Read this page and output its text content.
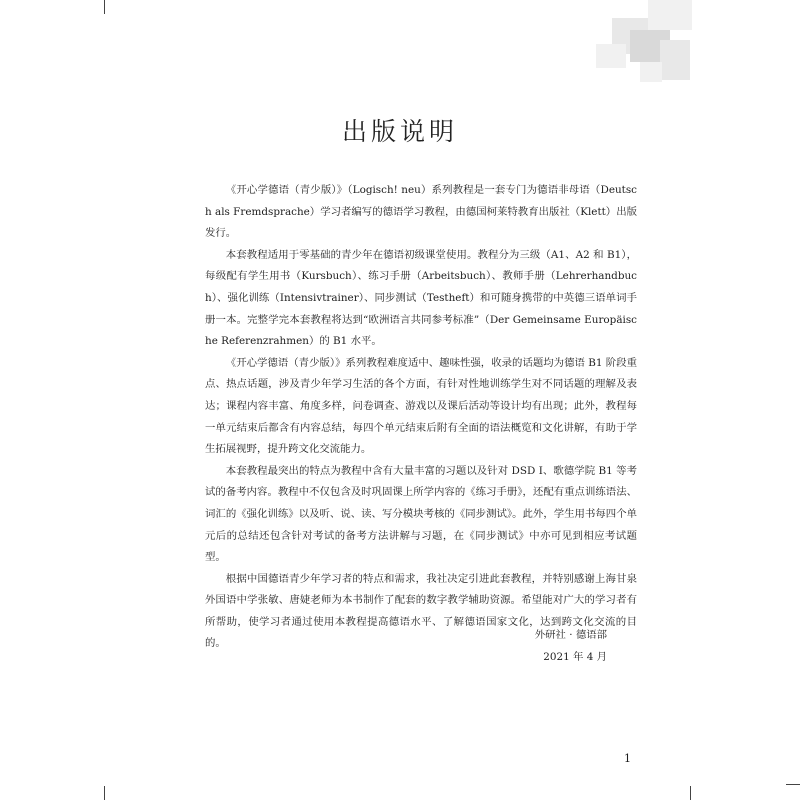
出版说明

《开心学德语（青少版）》（Logisch! neu）系列教程是一套专门为德语非母语（Deutsch als Fremdsprache）学习者编写的德语学习教程，由德国柯莱特教育出版社（Klett）出版发行。

本套教程适用于零基础的青少年在德语初级课堂使用。教程分为三级（A1、A2 和 B1），每级配有学生用书（Kursbuch）、练习手册（Arbeitsbuch）、教师手册（Lehrerhandbuch）、强化训练（Intensivtrainer）、同步测试（Testheft）和可随身携带的中英德三语单词手册一本。完整学完本套教程将达到“欧洲语言共同参考标准”（Der Gemeinsame Europäische Referenzrahmen）的 B1 水平。

《开心学德语（青少版）》系列教程难度适中、趣味性强，收录的话题均为德语 B1 阶段重点、热点话题，涉及青少年学习生活的各个方面，有针对性地训练学生对不同话题的理解及表达；课程内容丰富、角度多样，问卷调查、游戏以及课后活动等设计均有出现；此外，教程每一单元结束后都含有内容总结，每四个单元结束后附有全面的语法概览和文化讲解，有助于学生拓展视野，提升跨文化交流能力。

本套教程最突出的特点为教程中含有大量丰富的习题以及针对 DSD I、歌德学院 B1 等考试的备考内容。教程中不仅包含及时巩固课上所学内容的《练习手册》，还配有重点训练语法、词汇的《强化训练》以及听、说、读、写分模块考核的《同步测试》。此外，学生用书每四个单元后的总结还包含针对考试的备考方法讲解与习题，在《同步测试》中亦可见到相应考试题型。

根据中国德语青少年学习者的特点和需求，我社决定引进此套教程，并特别感谢上海甘泉外国语中学张敏、唐婕老师为本书制作了配套的数字教学辅助资源。希望能对广大的学习者有所帮助，使学习者通过使用本教程提高德语水平、了解德语国家文化，达到跨文化交流的目的。

外研社 · 德语部

2021 年 4 月

1
